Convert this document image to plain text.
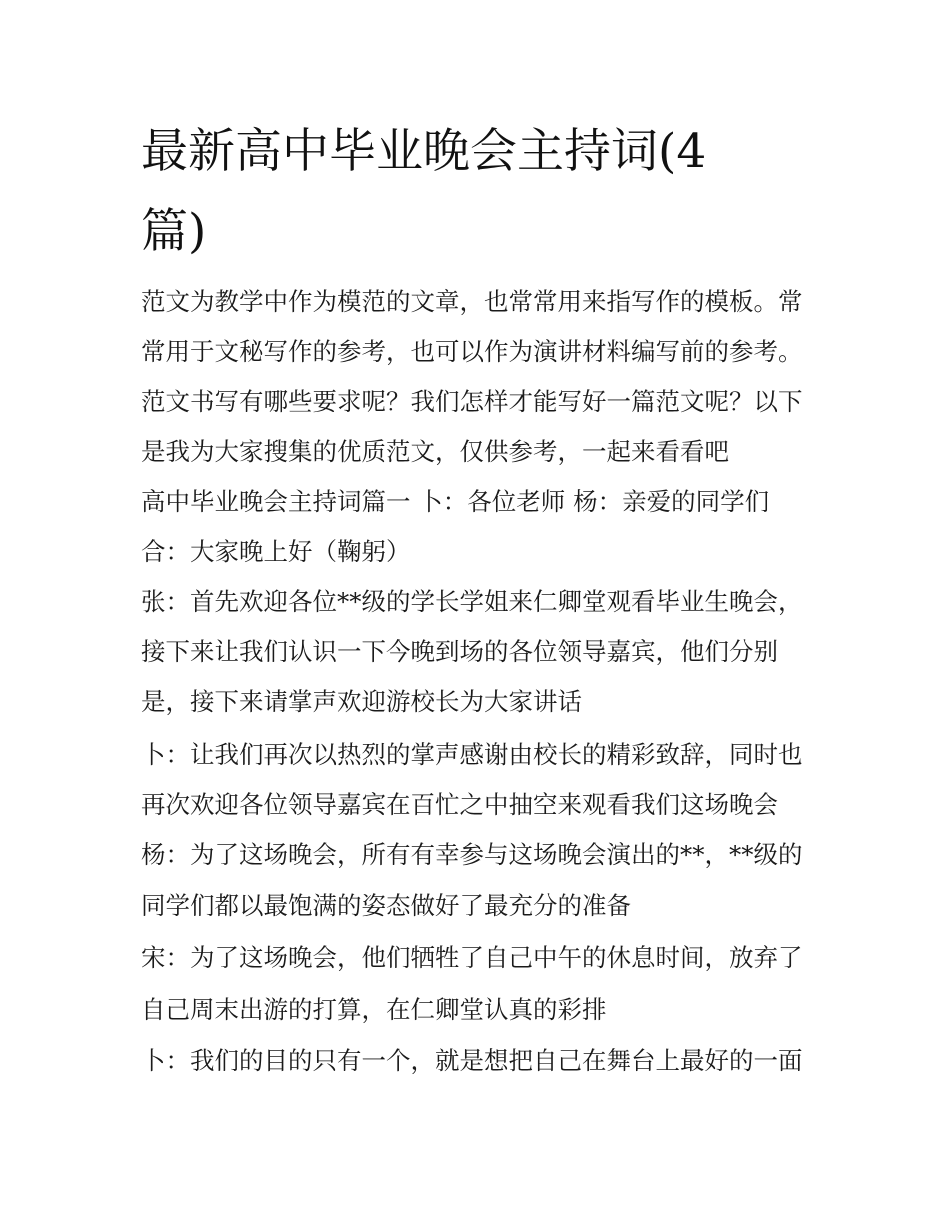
最新高中毕业晚会主持词(4
篇)

范文为教学中作为模范的文章，也常常用来指写作的模板。常

常用于文秘写作的参考，也可以作为演讲材料编写前的参考。

范文书写有哪些要求呢？我们怎样才能写好一篇范文呢？以下

是我为大家搜集的优质范文，仅供参考，一起来看看吧

高中毕业晚会主持词篇一 卜：各位老师 杨：亲爱的同学们

合：大家晚上好（鞠躬）

张：首先欢迎各位**级的学长学姐来仁卿堂观看毕业生晚会，

接下来让我们认识一下今晚到场的各位领导嘉宾，他们分别

是，接下来请掌声欢迎游校长为大家讲话

卜：让我们再次以热烈的掌声感谢由校长的精彩致辞，同时也

再次欢迎各位领导嘉宾在百忙之中抽空来观看我们这场晚会

杨：为了这场晚会，所有有幸参与这场晚会演出的**，**级的

同学们都以最饱满的姿态做好了最充分的准备

宋：为了这场晚会，他们牺牲了自己中午的休息时间，放弃了

自己周末出游的打算，在仁卿堂认真的彩排

卜：我们的目的只有一个，就是想把自己在舞台上最好的一面
